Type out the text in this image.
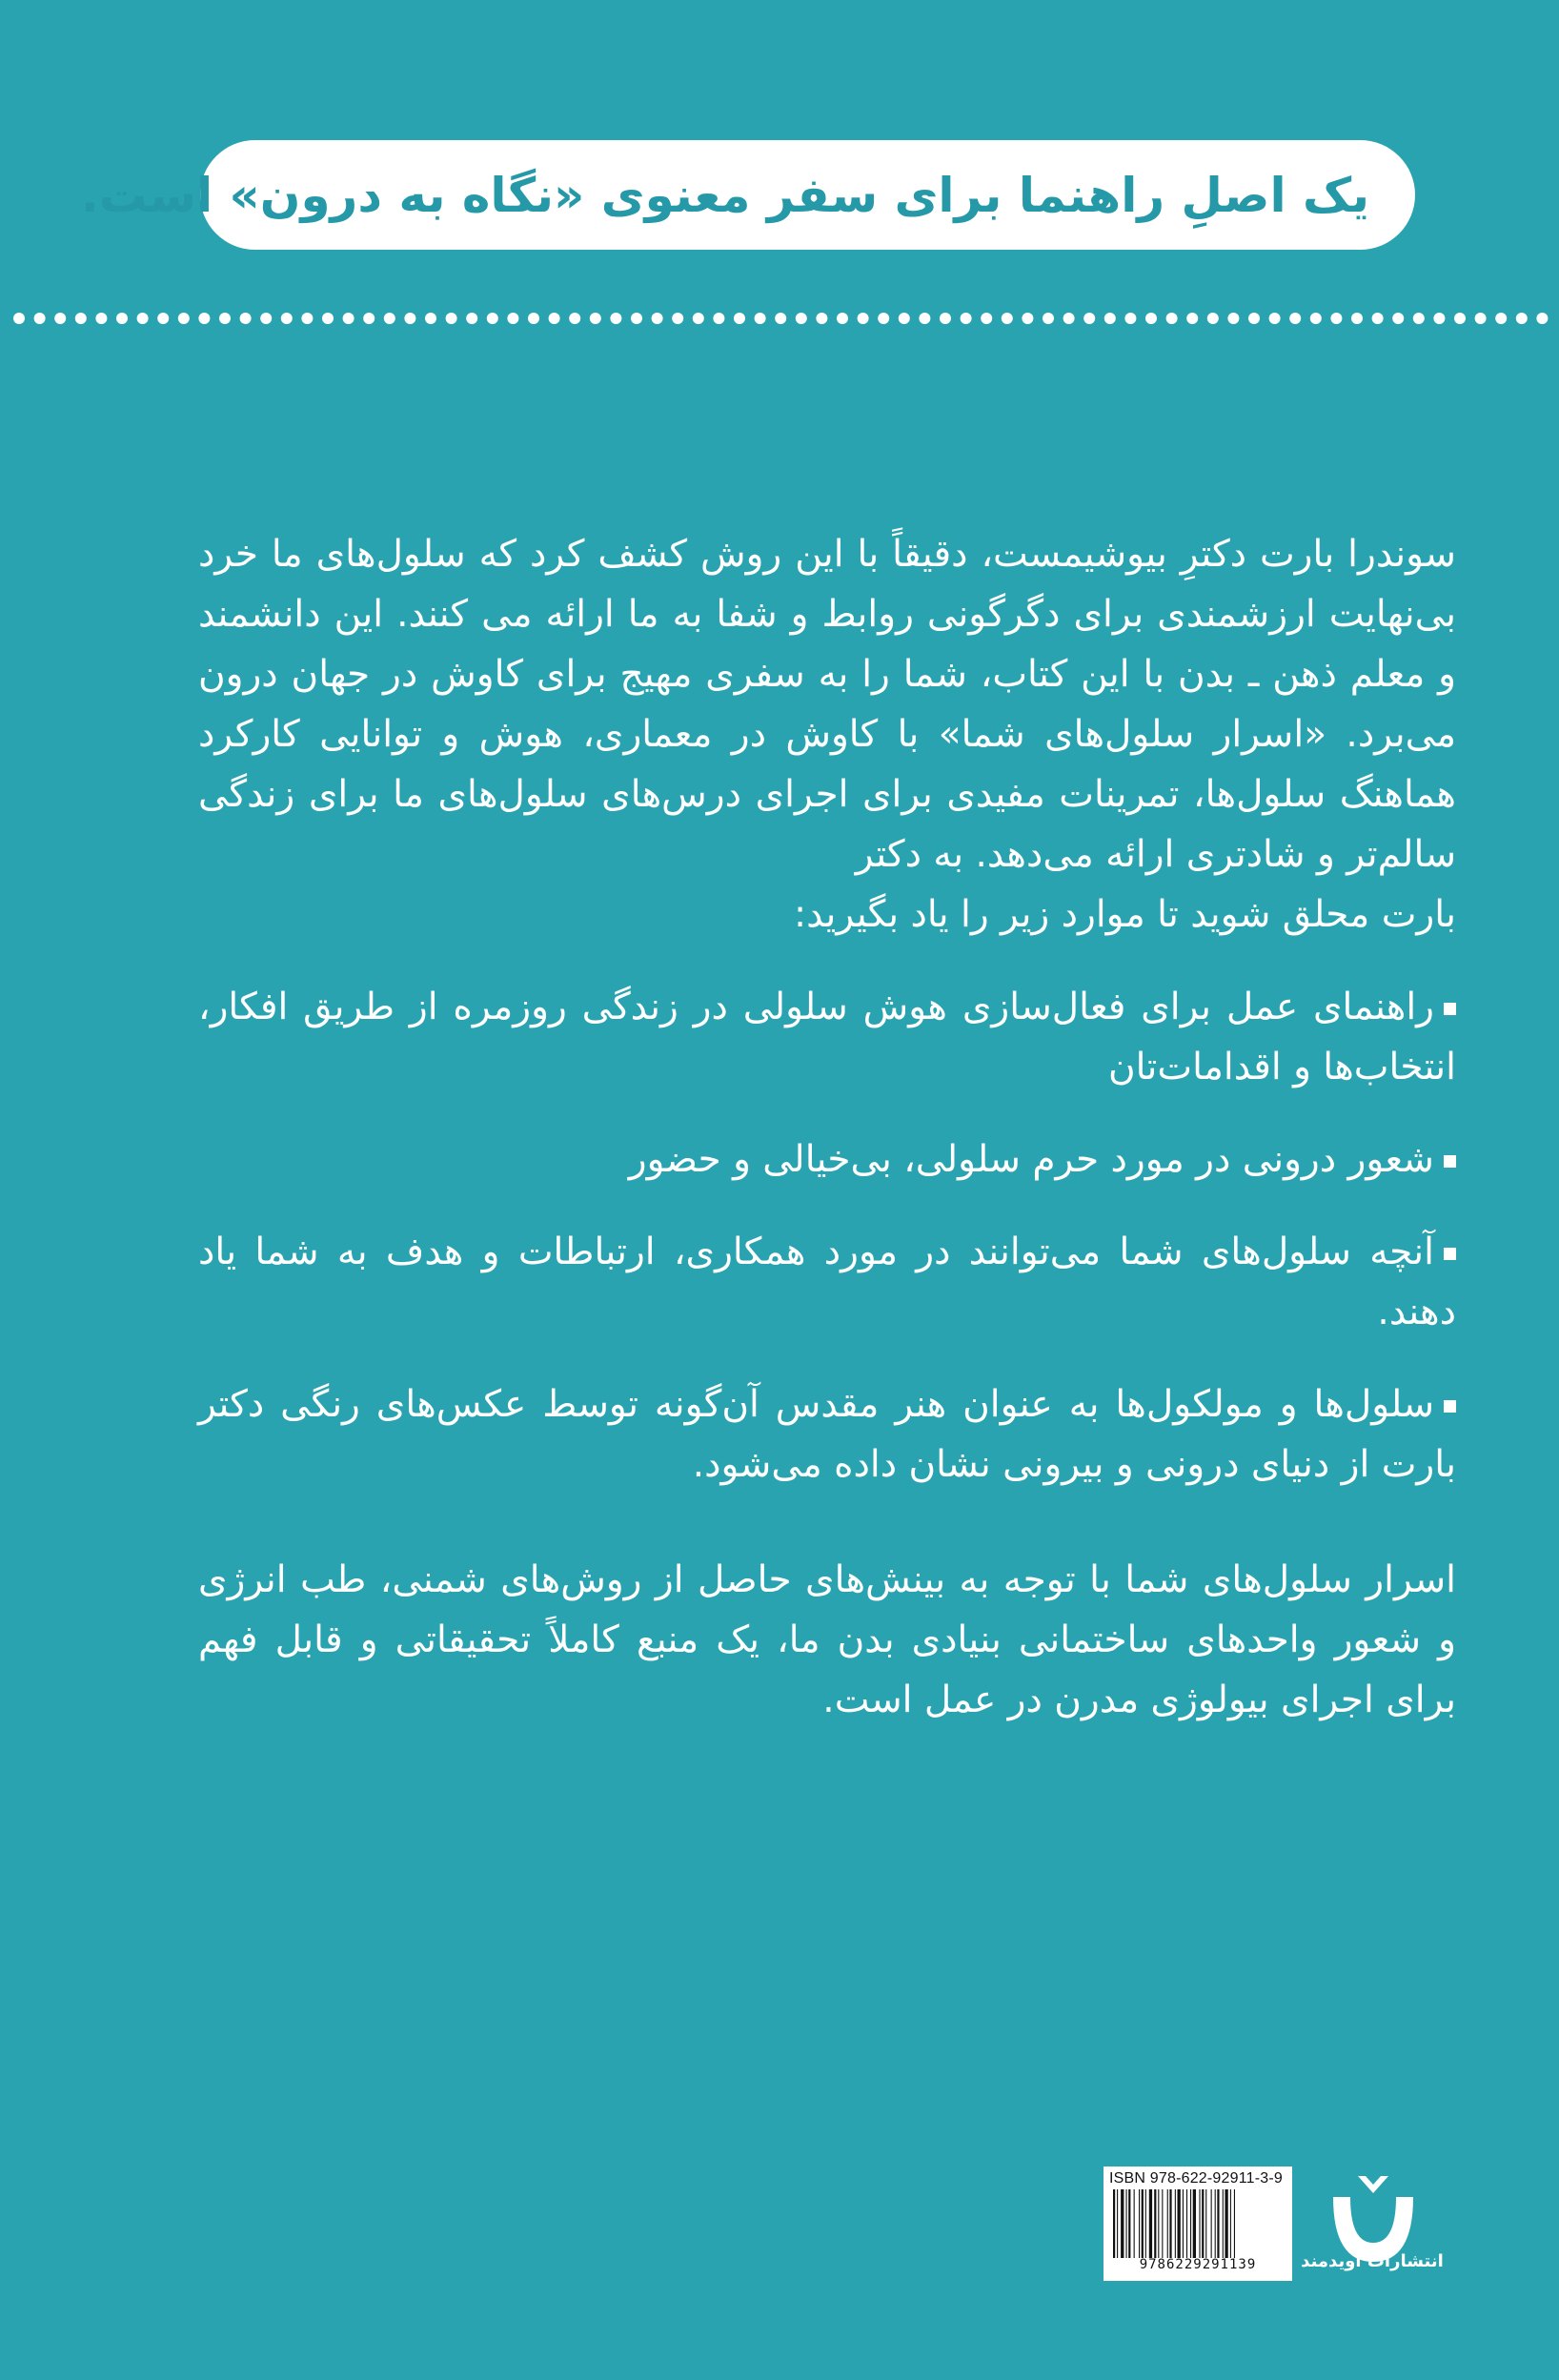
یک اصلِ راهنما برای سفر معنوی «نگاه به درون» است.

سوندرا بارت دکترِ بیوشیمست، دقیقاً با این روش کشف کرد که سلول‌های ما خرد بی‌نهایت ارزشمندی برای دگرگونی روابط و شفا به ما ارائه می کنند. این دانشمند و معلم ذهن ـ بدن با این کتاب، شما را به سفری مهیج برای کاوش در جهان درون می‌برد. «اسرار سلول‌های شما» با کاوش در معماری، هوش و توانایی کارکرد هماهنگ سلول‌ها، تمرینات مفیدی برای اجرای درس‌های سلول‌های ما برای زندگی سالم‌تر و شادتری ارائه می‌دهد. به دکتر
بارت محلق شوید تا موارد زیر را یاد بگیرید:

راهنمای عمل برای فعال‌سازی هوش سلولی در زندگی روزمره از طریق افکار، انتخاب‌ها و اقدامات‌تان

شعور درونی در مورد حرم سلولی، بی‌خیالی و حضور

آنچه سلول‌های شما می‌توانند در مورد همکاری، ارتباطات و هدف به شما یاد دهند.

سلول‌ها و مولکول‌ها به عنوان هنر مقدس آن‌گونه توسط عکس‌های رنگی دکتر بارت از دنیای درونی و بیرونی نشان داده می‌شود.

اسرار سلول‌های شما با توجه به بینش‌های حاصل از روش‌های شمنی، طب انرژی و شعور واحدهای ساختمانی بنیادی بدن ما، یک منبع کاملاً تحقیقاتی و قابل فهم برای اجرای بیولوژی مدرن در عمل است.

ISBN 978-622-92911-3-9
9786229291139	انتشارات آویدمند
